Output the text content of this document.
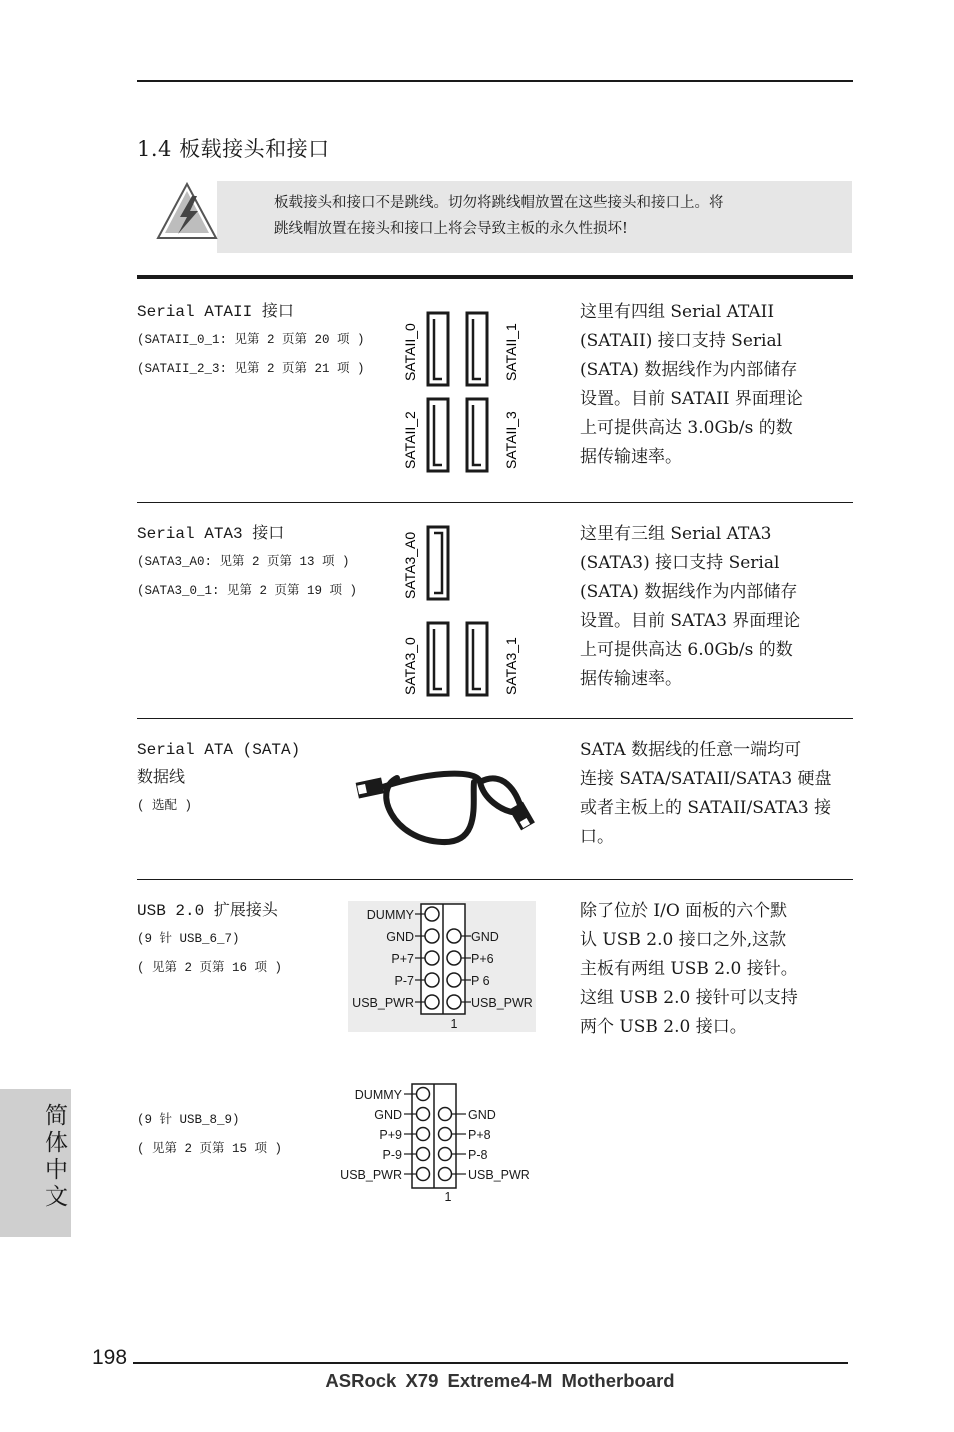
1.4 板载接头和接口
板载接头和接口不是跳线。切勿将跳线帽放置在这些接头和接口上。将
跳线帽放置在接头和接口上将会导致主板的永久性损坏!
Serial ATAII 接口
(SATAII_0_1: 见第 2 页第 20 项 )
(SATAII_2_3: 见第 2 页第 21 项 )	SATAII_0	SATAII_1
SATAII_2	SATAII_3
这里有四组 Serial ATAII
(SATAII) 接口支持 Serial
(SATA) 数据线作为内部储存
设置。目前 SATAII 界面理论
上可提供高达 3.0Gb/s 的数
据传输速率。
Serial ATA3 接口
(SATA3_A0: 见第 2 页第 13 项 )
(SATA3_0_1: 见第 2 页第 19 项 )	SATA3_A0
SATA3_0	SATA3_1
这里有三组 Serial ATA3
(SATA3) 接口支持 Serial
(SATA) 数据线作为内部储存
设置。目前 SATA3 界面理论
上可提供高达 6.0Gb/s 的数
据传输速率。
Serial ATA (SATA)
数据线
( 选配 )
SATA 数据线的任意一端均可
连接 SATA/SATAII/SATA3 硬盘
或者主板上的 SATAII/SATA3 接
口。
USB 2.0 扩展接头
(9 针 USB_6_7)
( 见第 2 页第 16 项 )
DUMMY
GND
P+7
P-7
USB_PWR
GND
P+6
P 6
USB_PWR
1
除了位於 I/O 面板的六个默
认 USB 2.0 接口之外,这款
主板有两组 USB 2.0 接针。
这组 USB 2.0 接针可以支持
两个 USB 2.0 接口。
(9 针 USB_8_9)
( 见第 2 页第 15 项 )
DUMMY
GND
P+9
P-9
USB_PWR
GND
P+8
P-8
USB_PWR
1
简体中文
198
ASRock X79 Extreme4-M Motherboard
